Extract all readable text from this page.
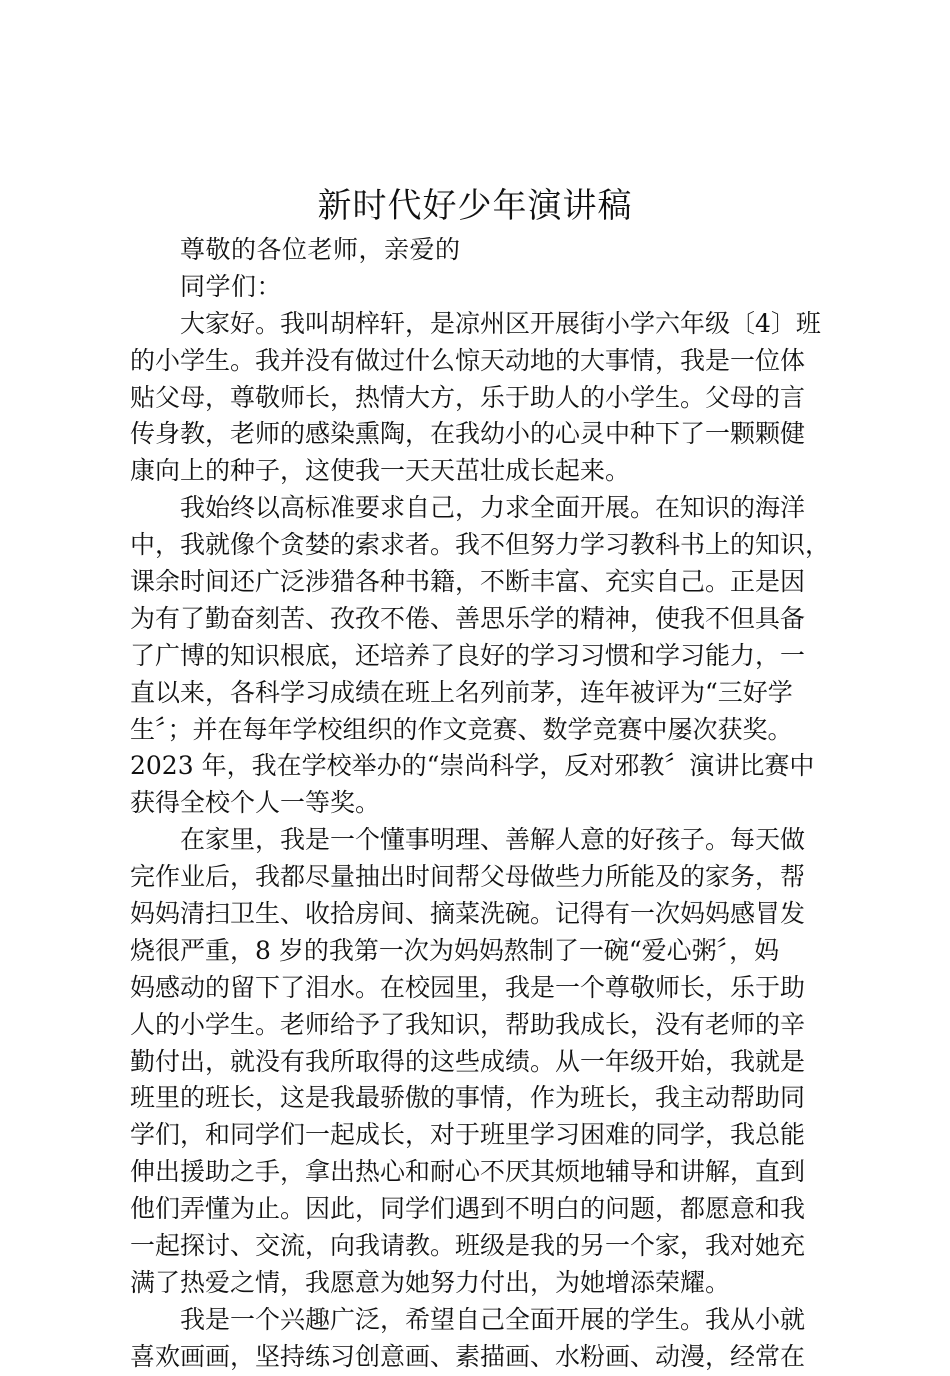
新时代好少年演讲稿
尊敬的各位老师，亲爱的
同学们：
大家好。我叫胡梓轩，是凉州区开展街小学六年级〔4〕班
的小学生。我并没有做过什么惊天动地的大事情，我是一位体
贴父母，尊敬师长，热情大方，乐于助人的小学生。父母的言
传身教，老师的感染熏陶，在我幼小的心灵中种下了一颗颗健
康向上的种子，这使我一天天茁壮成长起来。
我始终以高标准要求自己，力求全面开展。在知识的海洋
中，我就像个贪婪的索求者。我不但努力学习教科书上的知识，
课余时间还广泛涉猎各种书籍，不断丰富、充实自己。正是因
为有了勤奋刻苦、孜孜不倦、善思乐学的精神，使我不但具备
了广博的知识根底，还培养了良好的学习习惯和学习能力，一
直以来，各科学习成绩在班上名列前茅，连年被评为“三好学
生〞；并在每年学校组织的作文竞赛、数学竞赛中屡次获奖。
2023 年，我在学校举办的“崇尚科学，反对邪教〞演讲比赛中
获得全校个人一等奖。
在家里，我是一个懂事明理、善解人意的好孩子。每天做
完作业后，我都尽量抽出时间帮父母做些力所能及的家务，帮
妈妈清扫卫生、收拾房间、摘菜洗碗。记得有一次妈妈感冒发
烧很严重，8 岁的我第一次为妈妈熬制了一碗“爱心粥〞，妈
妈感动的留下了泪水。在校园里，我是一个尊敬师长，乐于助
人的小学生。老师给予了我知识，帮助我成长，没有老师的辛
勤付出，就没有我所取得的这些成绩。从一年级开始，我就是
班里的班长，这是我最骄傲的事情，作为班长，我主动帮助同
学们，和同学们一起成长，对于班里学习困难的同学，我总能
伸出援助之手，拿出热心和耐心不厌其烦地辅导和讲解，直到
他们弄懂为止。因此，同学们遇到不明白的问题，都愿意和我
一起探讨、交流，向我请教。班级是我的另一个家，我对她充
满了热爱之情，我愿意为她努力付出，为她增添荣耀。
我是一个兴趣广泛，希望自己全面开展的学生。我从小就
喜欢画画，坚持练习创意画、素描画、水粉画、动漫，经常在
